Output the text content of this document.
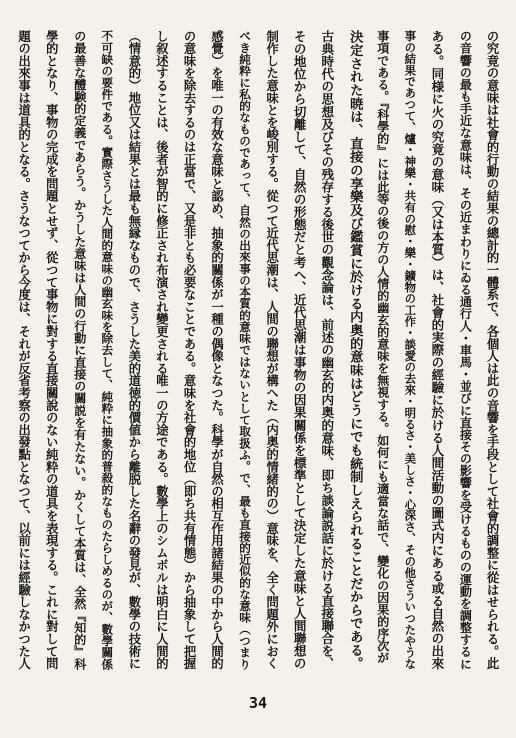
の究竟の意味は社會的行動の結果の總計的一體系で、各個人は此の音響を手段として社會的調整に從はせられる。此
の音響の最も手近な意味は、その近まわりにゐる通行人・車馬・並びに直接その影響を受けるものの運動を調整するに
ある。同様に火の究竟の意味（又は本質）は、社會的実際の經驗に於ける人間活動の圖式内にある或る自然の出來
事の結果であつて、爐・神樂・共有の慰・樂・鑛物の工作・談愛の去來・明るさ・美しさ・心深さ、その他さういつたやうな
事項である。『科學的』には此等の後の方の人情的幽玄的意味を無視する。如何にも適當な話で、變化の因果的序次が
決定された暁は、直接の享樂及び鑑賞に於ける内奥的意味はどうにでも統制しえられることだからである。
古典時代の思想及びその残存する後世の觀念論は、前述の幽玄的内奥的意味、即ち談論説話に於ける直接聯合を、
その地位から切離して、自然の形態だと考へ、近代思潮は事物の因果關係を標準として決定した意味と人間聯想の
制作した意味とを峻別する。從つて近代思潮は、人間の聯想が構へた（内奥的情緒的の）意味を、全く問題外におく
べき純粋に私的なものであって、自然の出來事の本質的意味ではないとして取扱ふ。で、最も直接的近似的な意味（つまり
感覺）を唯一の有效な意味と認め、抽象的關係が一種の偶像となつた。科學が自然の相互作用諸結果の中から人間的
の意味を除去するのは正當で、又是非とも必要なことである。意味を社會的地位（即ち共有情態）から抽象して把握
し叙述することは、後者が智的に修正され布演され變更される唯一の方途である。數學上のシムボルは明白に人間的
（情意的）地位又は結果とは最も無縁なもので、さうした美的道徳的價値から離脱した名辭の發見が、數學の技術に
不可缺の要件である。實際さうした人間的意味の幽玄味を除去して、純粋に抽象的普殺的なものたらしめるのが、數學關係
の最善な醴験的定義であらう。かうした意味は人間の行動に直接の關説を有たない。かくして本質は、全然『知的』科
學的となり、事物の完成を問題とせず、從つて事物に對する直接關說のない純粋の道具を表現する。これに對して問
題の出來事は道具的となる。さうなつてから今度は、それが反省考察の出發點となつて、以前には經驗しなかつた人
34
